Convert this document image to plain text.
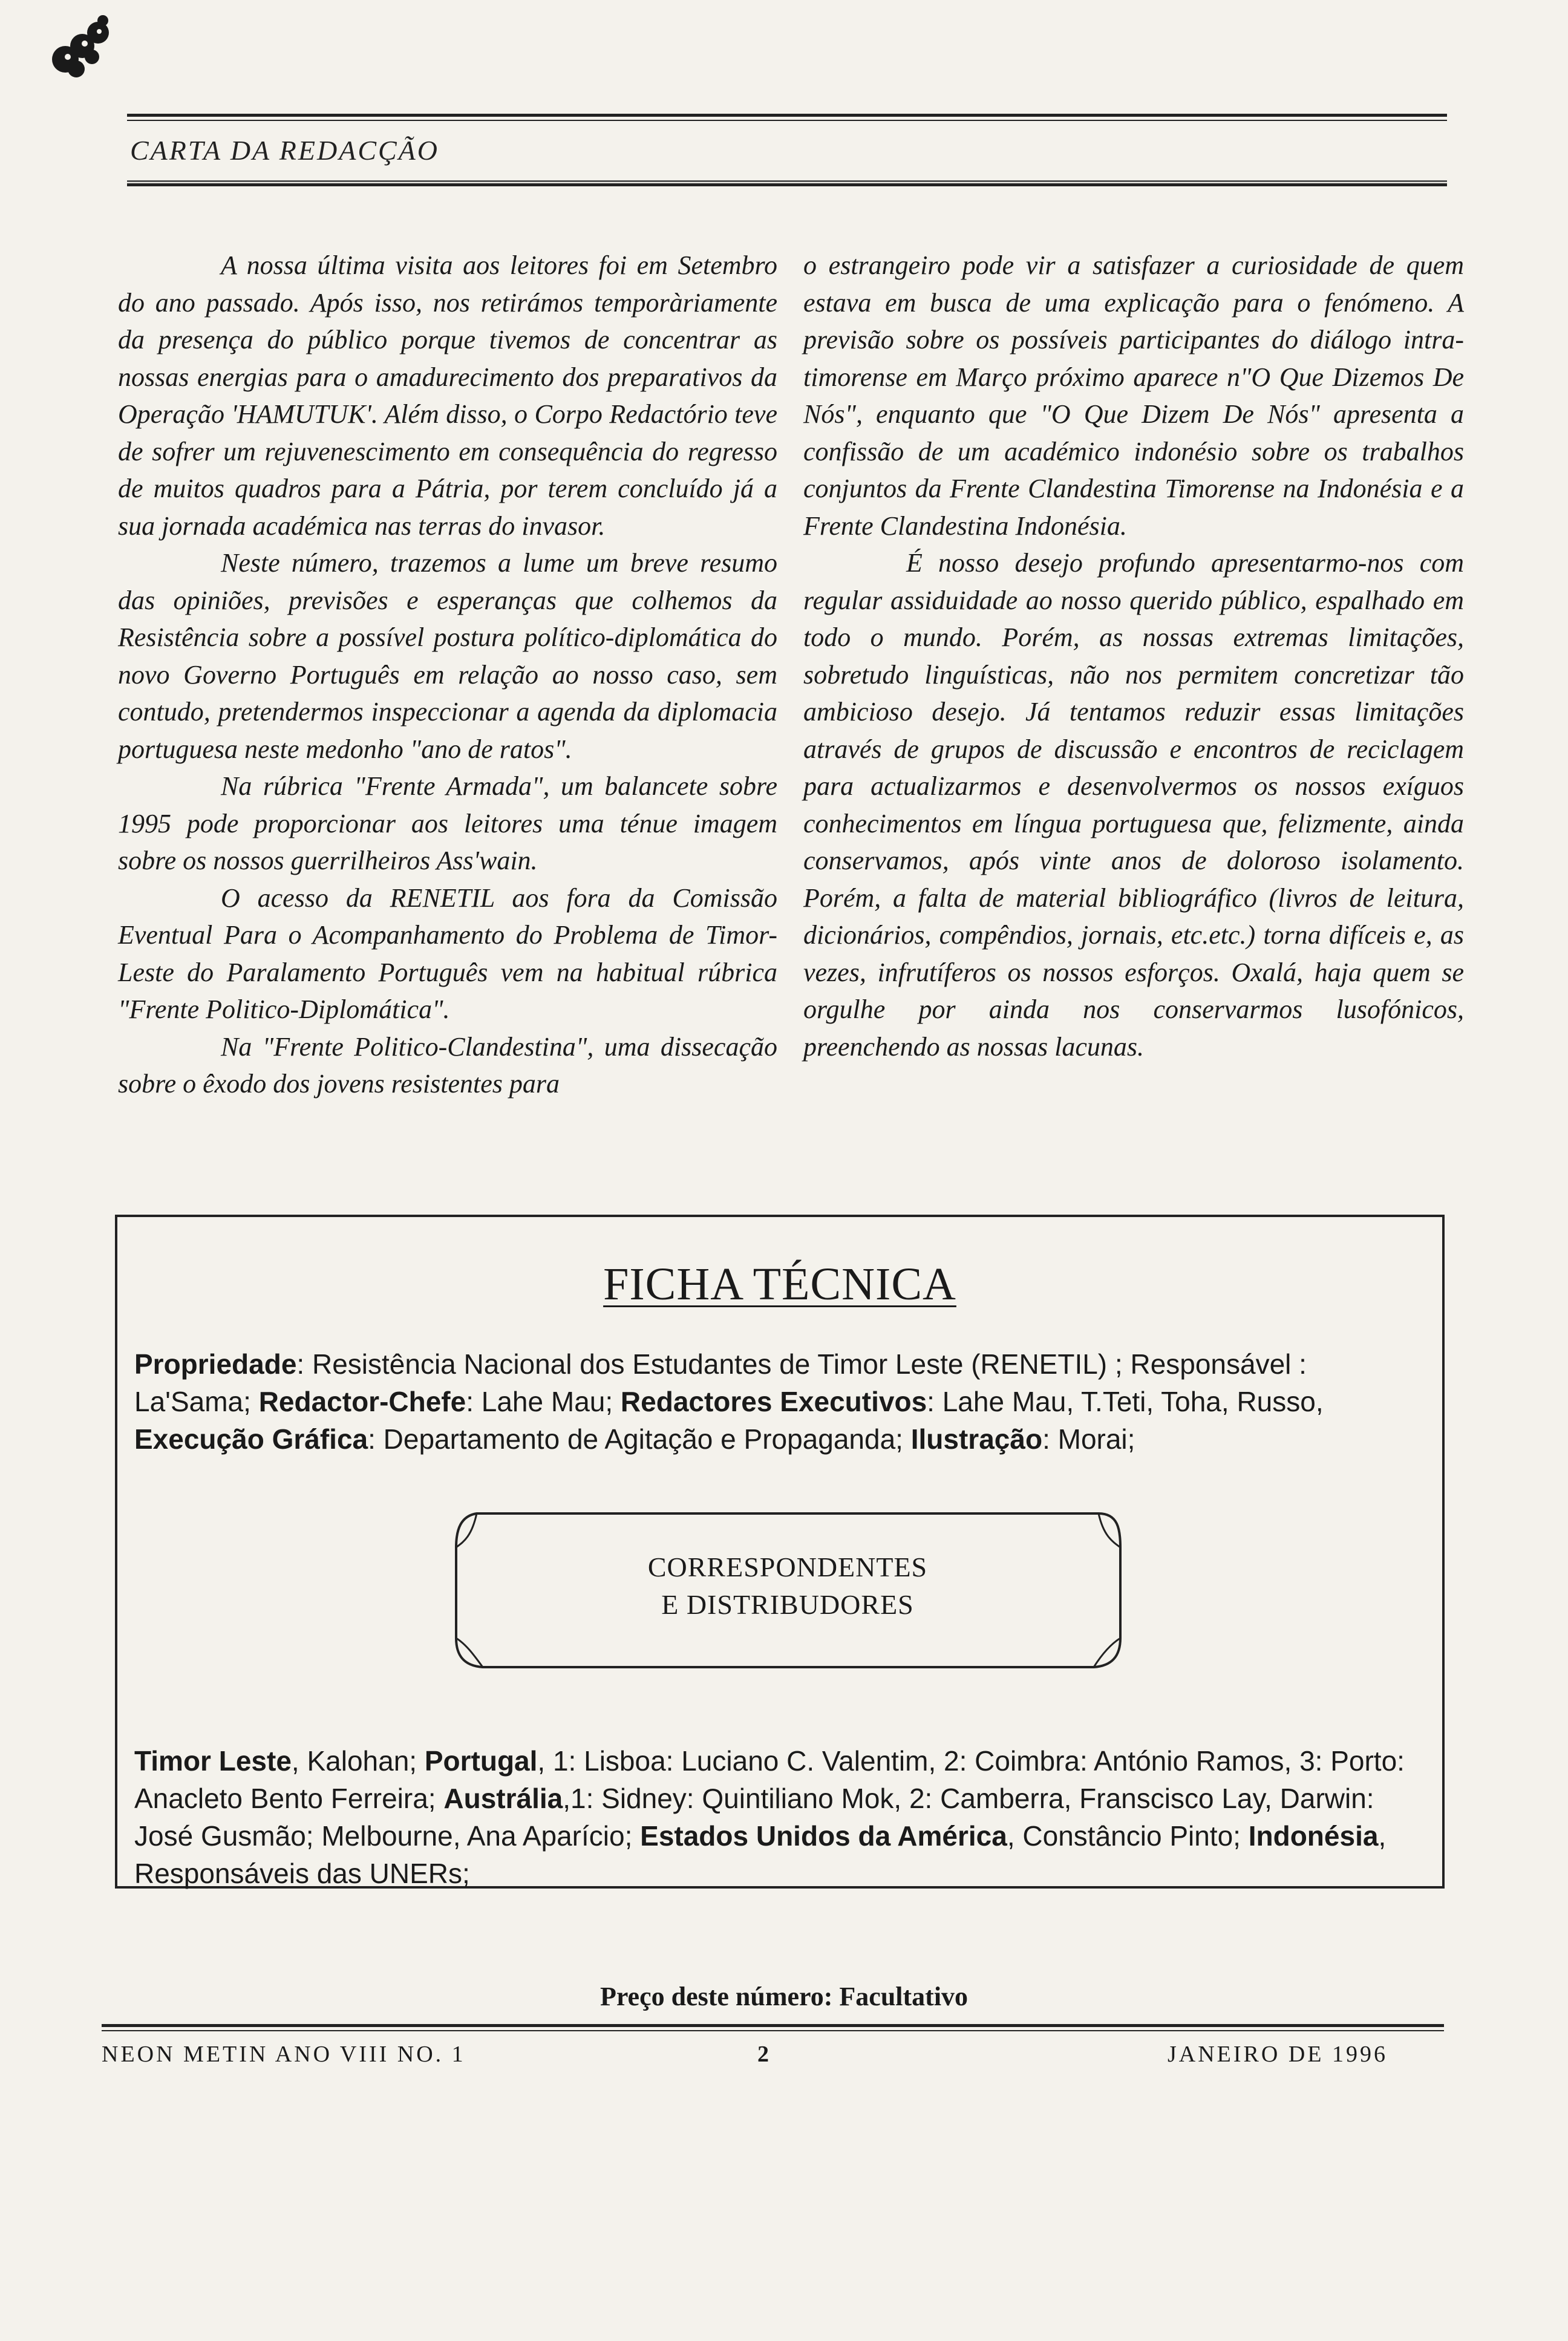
CARTA DA REDACÇÃO

A nossa última visita aos leitores foi em Setembro do ano passado. Após isso, nos retirámos temporàriamente da presença do público porque tivemos de concentrar as nossas energias para o amadurecimento dos preparativos da Operação 'HAMUTUK'. Além disso, o Corpo Redactório teve de sofrer um rejuvenescimento em consequência do regresso de muitos quadros para a Pátria, por terem concluído já a sua jornada académica nas terras do invasor.

Neste número, trazemos a lume um breve resumo das opiniões, previsões e esperanças que colhemos da Resistência sobre a possível postura político-diplomática do novo Governo Português em relação ao nosso caso, sem contudo, pretendermos inspeccionar a agenda da diplomacia portuguesa neste medonho "ano de ratos".

Na rúbrica "Frente Armada", um balancete sobre 1995 pode proporcionar aos leitores uma ténue imagem sobre os nossos guerrilheiros Ass'wain.

O acesso da RENETIL aos fora da Comissão Eventual Para o Acompanhamento do Problema de Timor-Leste do Paralamento Português vem na habitual rúbrica "Frente Politico-Diplomática".

Na "Frente Politico-Clandestina", uma dissecação sobre o êxodo dos jovens resistentes para

o estrangeiro pode vir a satisfazer a curiosidade de quem estava em busca de uma explicação para o fenómeno. A previsão sobre os possíveis participantes do diálogo intra-timorense em Março próximo aparece n"O Que Dizemos De Nós", enquanto que "O Que Dizem De Nós" apresenta a confissão de um académico indonésio sobre os trabalhos conjuntos da Frente Clandestina Timorense na Indonésia e a Frente Clandestina Indonésia.

É nosso desejo profundo apresentarmo-nos com regular assiduidade ao nosso querido público, espalhado em todo o mundo. Porém, as nossas extremas limitações, sobretudo linguísticas, não nos permitem concretizar tão ambicioso desejo. Já tentamos reduzir essas limitações através de grupos de discussão e encontros de reciclagem para actualizarmos e desenvolvermos os nossos exíguos conhecimentos em língua portuguesa que, felizmente, ainda conservamos, após vinte anos de doloroso isolamento. Porém, a falta de material bibliográfico (livros de leitura, dicionários, compêndios, jornais, etc.etc.) torna difíceis e, as vezes, infrutíferos os nossos esforços. Oxalá, haja quem se orgulhe por ainda nos conservarmos lusofónicos, preenchendo as nossas lacunas.

FICHA TÉCNICA
Propriedade: Resistência Nacional dos Estudantes de Timor Leste (RENETIL) ; Responsável : La'Sama; Redactor-Chefe: Lahe Mau; Redactores Executivos: Lahe Mau, T.Teti, Toha, Russo, Execução Gráfica: Departamento de Agitação e Propaganda; Ilustração: Morai;
Timor Leste, Kalohan; Portugal, 1: Lisboa: Luciano C. Valentim, 2: Coimbra: António Ramos, 3: Porto: Anacleto Bento Ferreira; Austrália,1: Sidney: Quintiliano Mok, 2: Camberra, Franscisco Lay, Darwin: José Gusmão; Melbourne, Ana Aparício; Estados Unidos da América, Constâncio Pinto; Indonésia, Responsáveis das UNERs;
CORRESPONDENTES
E DISTRIBUDORES
Preço deste número: Facultativo
NEON METIN ANO VIII NO. 1	2	JANEIRO DE 1996
